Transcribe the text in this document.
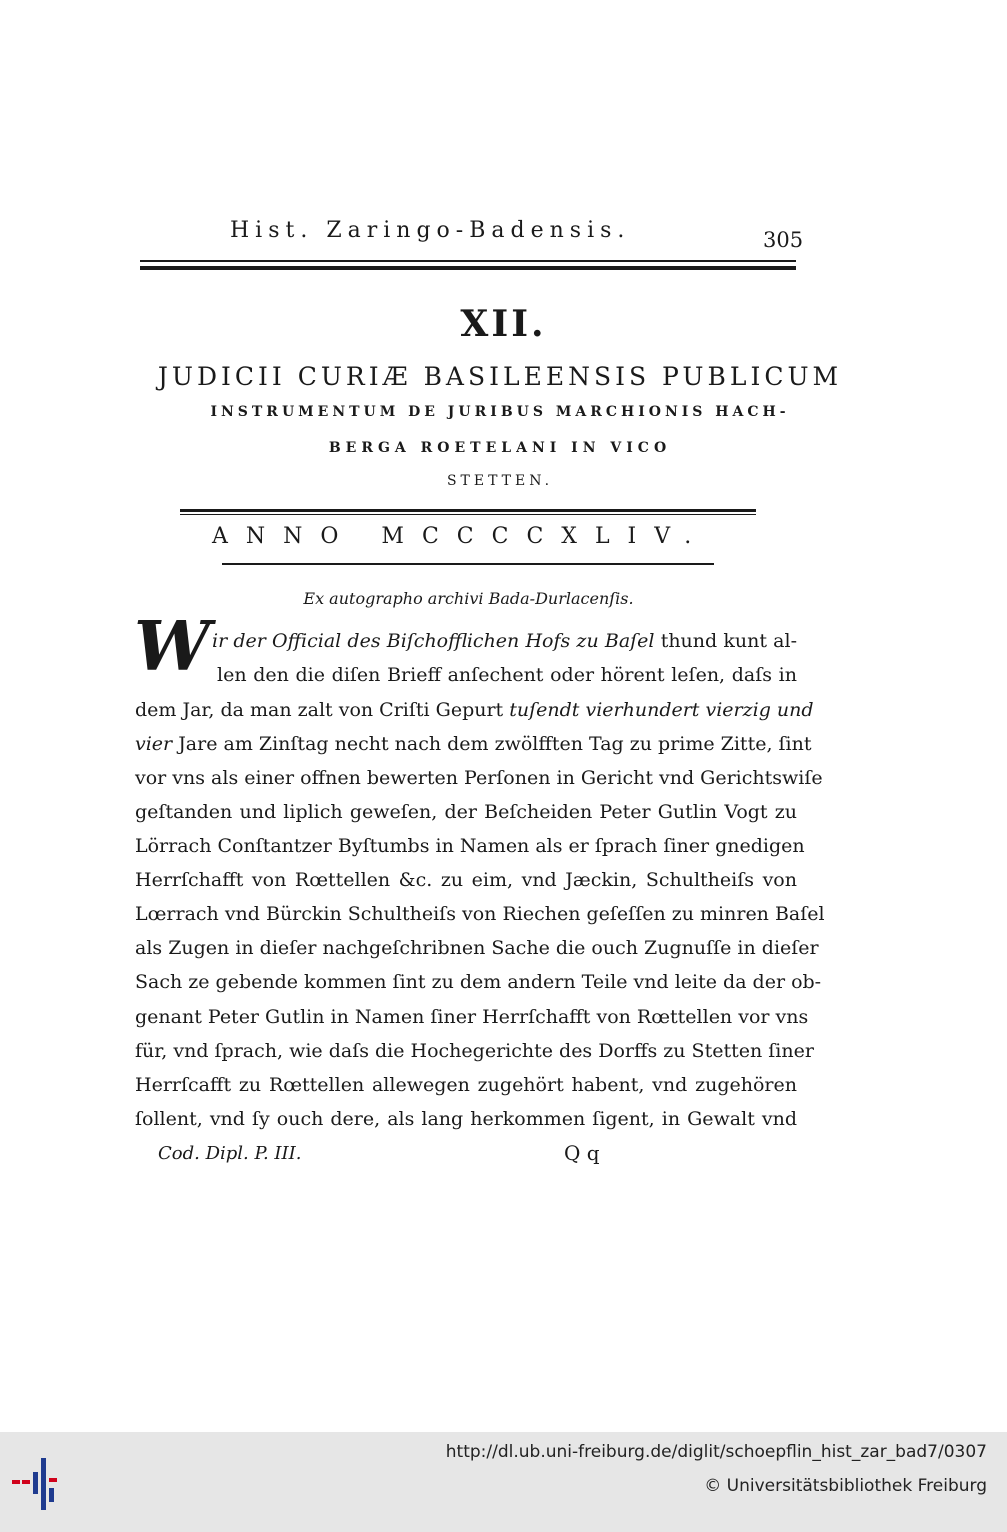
Hist. Zaringo-Badensis.	305
XII.
JUDICII CURIÆ BASILEENSIS PUBLICUM
INSTRUMENTUM DE JURIBUS MARCHIONIS HACH-
BERGA ROETELANI IN VICO
STETTEN.
ANNO MCCCCXLIV.
Ex autographo archivi Bada-Durlacenſis.
W ir der Official des Biſchofflichen Hofs zu Baſel thund kunt al-
len den die diſen Brieff anſechent oder hörent leſen, daſs in
dem Jar, da man zalt von Criſti Gepurt tuſendt vierhundert vierzig und
vier Jare am Zinſtag necht nach dem zwölfften Tag zu prime Zitte, ſint
vor vns als einer offnen bewerten Perſonen in Gericht vnd Gerichtswiſe
geſtanden und liplich geweſen, der Beſcheiden Peter Gutlin Vogt zu
Lörrach Conſtantzer Byſtumbs in Namen als er ſprach ſiner gnedigen
Herrſchafft von Rœttellen &c. zu eim, vnd Jæckin, Schultheiſs von
Lœrrach vnd Bürckin Schultheiſs von Riechen geſeſſen zu minren Baſel
als Zugen in dieſer nachgeſchribnen Sache die ouch Zugnuſſe in dieſer
Sach ze gebende kommen ſint zu dem andern Teile vnd leite da der ob-
genant Peter Gutlin in Namen ſiner Herrſchafft von Rœttellen vor vns
für, vnd ſprach, wie daſs die Hochegerichte des Dorffs zu Stetten ſiner
Herrſcafft zu Rœttellen allewegen zugehört habent, vnd zugehören
ſollent, vnd ſy ouch dere, als lang herkommen ſigent, in Gewalt vnd
Cod. Dipl. P. III.	Q q
http://dl.ub.uni-freiburg.de/diglit/schoepflin_hist_zar_bad7/0307
© Universitätsbibliothek Freiburg
